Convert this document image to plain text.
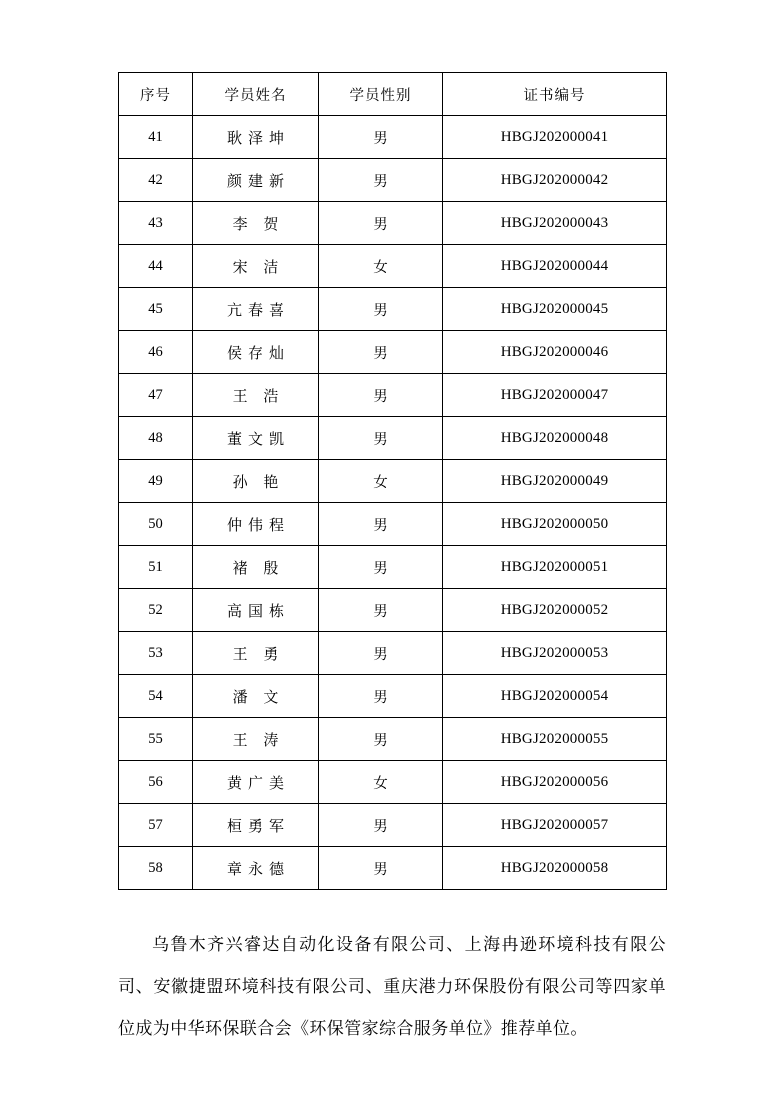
序号	学员姓名	学员性别	证书编号
41	耿泽坤	男	HBGJ202000041
42	颜建新	男	HBGJ202000042
43	李 贺	男	HBGJ202000043
44	宋 洁	女	HBGJ202000044
45	亢春喜	男	HBGJ202000045
46	侯存灿	男	HBGJ202000046
47	王 浩	男	HBGJ202000047
48	董文凯	男	HBGJ202000048
49	孙 艳	女	HBGJ202000049
50	仲伟程	男	HBGJ202000050
51	褚 殷	男	HBGJ202000051
52	高国栋	男	HBGJ202000052
53	王 勇	男	HBGJ202000053
54	潘 文	男	HBGJ202000054
55	王 涛	男	HBGJ202000055
56	黄广美	女	HBGJ202000056
57	桓勇军	男	HBGJ202000057
58	章永德	男	HBGJ202000058

乌鲁木齐兴睿达自动化设备有限公司、上海冉逊环境科技有限公司、安徽捷盟环境科技有限公司、重庆港力环保股份有限公司等四家单位成为中华环保联合会《环保管家综合服务单位》推荐单位。
